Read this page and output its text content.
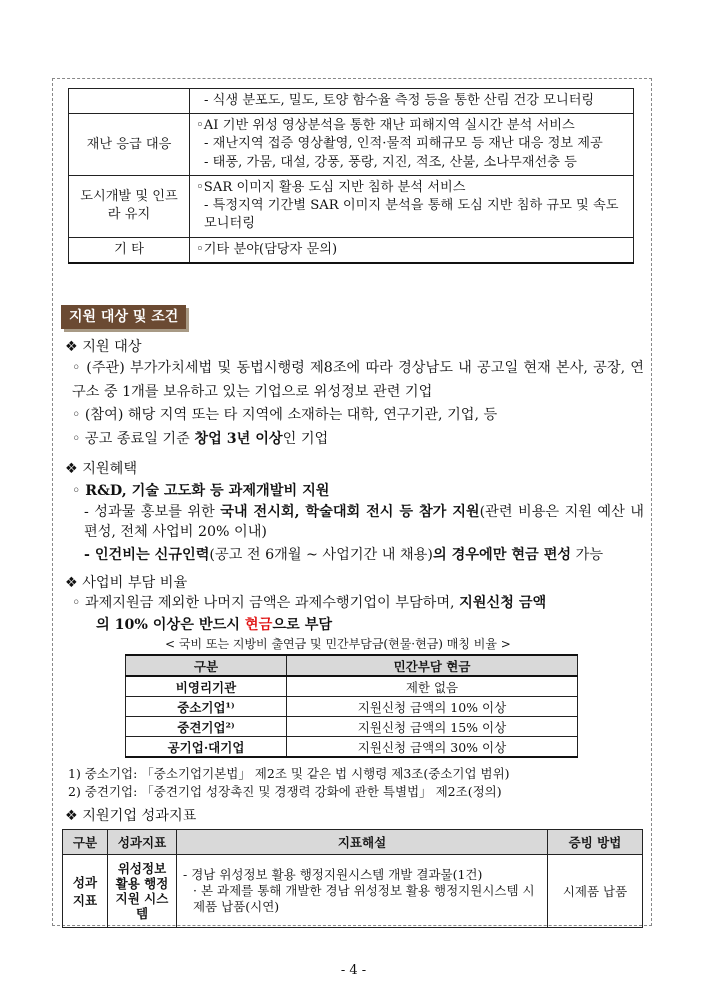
	- 식생 분포도, 밀도, 토양 함수율 측정 등을 통한 산림 건강 모니터링

재난 응급 대응	◦AI 기반 위성 영상분석을 통한 재난 피해지역 실시간 분석 서비스
- 재난지역 접증 영상촬영, 인적·물적 피해규모 등 재난 대응 정보 제공
- 태풍, 가뭄, 대설, 강풍, 풍랑, 지진, 적조, 산불, 소나무재선충 등

도시개발 및 인프라 유지	◦SAR 이미지 활용 도심 지반 침하 분석 서비스
- 특정지역 기간별 SAR 이미지 분석을 통해 도심 지반 침하 규모 및 속도 모니터링

기 타	◦기타 분야(담당자 문의)
지원 대상 및 조건
❖ 지원 대상
◦ (주관) 부가가치세법 및 동법시행령 제8조에 따라 경상남도 내 공고일 현재 본사, 공장, 연구소 중 1개를 보유하고 있는 기업으로 위성정보 관련 기업
◦ (참여) 해당 지역 또는 타 지역에 소재하는 대학, 연구기관, 기업, 등
◦ 공고 종료일 기준 창업 3년 이상인 기업
❖ 지원혜택
◦ R&D, 기술 고도화 등 과제개발비 지원
- 성과물 홍보를 위한 국내 전시회, 학술대회 전시 등 참가 지원(관련 비용은 지원 예산 내 편성, 전체 사업비 20% 이내)
- 인건비는 신규인력(공고 전 6개월 ~ 사업기간 내 채용)의 경우에만 현금 편성 가능
❖ 사업비 부담 비율
◦ 과제지원금 제외한 나머지 금액은 과제수행기업이 부담하며, 지원신청 금액
의 10% 이상은 반드시 현금으로 부담
< 국비 또는 지방비 출연금 및 민간부담금(현물·현금) 매칭 비율 >
구분	민간부담 현금
비영리기관	제한 없음
중소기업¹⁾	지원신청 금액의 10% 이상
중견기업²⁾	지원신청 금액의 15% 이상
공기업·대기업	지원신청 금액의 30% 이상
1) 중소기업: 「중소기업기본법」 제2조 및 같은 법 시행령 제3조(중소기업 범위)
2) 중견기업: 「중견기업 성장촉진 및 경쟁력 강화에 관한 특별법」 제2조(정의)
❖ 지원기업 성과지표
구분	성과지표	지표해설	증빙 방법
성과 지표	위성정보 활용 행정지원 시스템	- 경남 위성정보 활용 행정지원시스템 개발 결과물(1건)
· 본 과제를 통해 개발한 경남 위성정보 활용 행정지원시스템 시제품 납품(시연)	시제품 납품
- 4 -
